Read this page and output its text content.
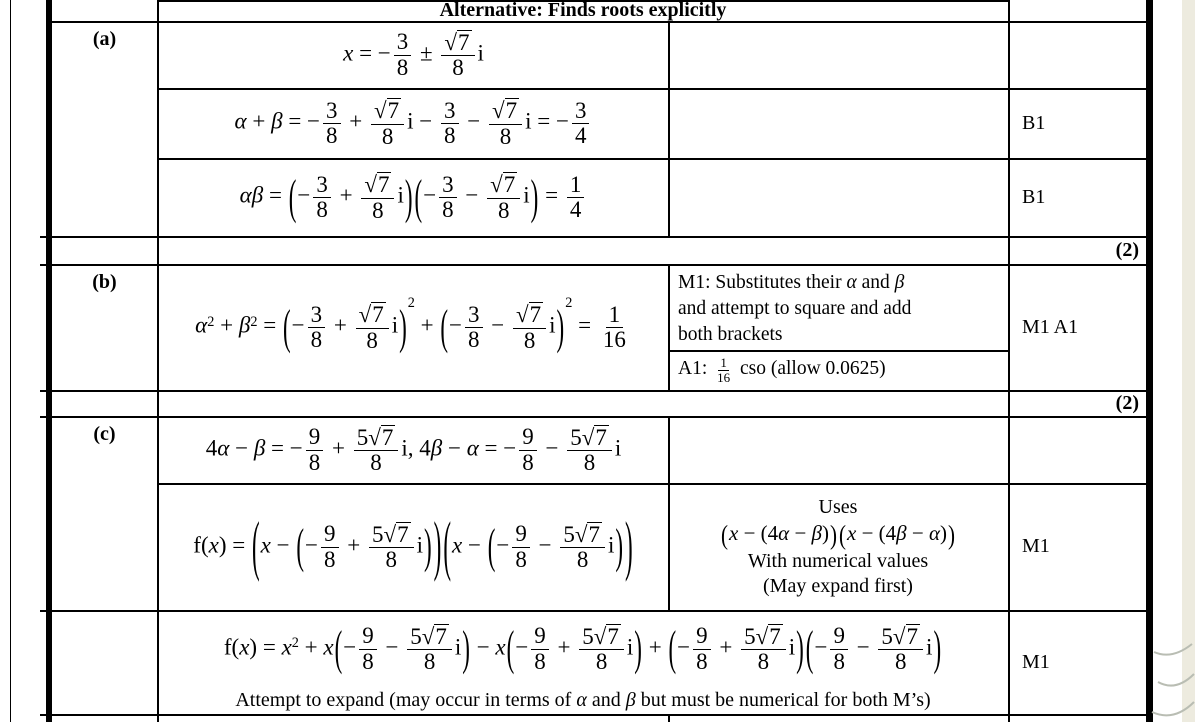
Alternative: Finds roots explicitly
(a)
(b)
(c)
x = − $\frac{3}{8} \pm \frac{√7}{8}$ i
α + β = − $\frac{3}{8} + \frac{√7}{8}$ $i - \frac{3}{8} - \frac{√7}{8}$ i = − $\frac{3}{4}$
αβ = (− $\frac{3}{8} + \frac{√7}{8} i)(- \frac{3}{8} - \frac{√7}{8} i) = \frac{1}{4}$
$\alpha^2 + \beta^2$ = (− $\frac{3}{8} + \frac{√7}{8} i)^2$ + (− $\frac{3}{8} - \frac{√7}{8} i)^2 = \frac{1}{16}$
4α − β = − $\frac{9}{8} + \frac{5√7}{8} i$, 4β − α = − $\frac{9}{8} - \frac{5√7}{8}$ i
f(x) = (x − (− $\frac{9}{8} + \frac{5√7}{8} i))(x$ − (− $\frac{9}{8} - \frac{5√7}{8} i$))
$f(x) = x^2 + x(- \frac{9}{8} - \frac{5√7}{8} i) - x(- \frac{9}{8} + \frac{5√7}{8} i)$ + (− $\frac{9}{8} + \frac{5√7}{8} i)(- \frac{9}{8} - \frac{5√7}{8} i)$
Attempt to expand (may occur in terms of α and β but must be numerical for both M’s)
M1: Substitutes their α and β
and attempt to square and add
both brackets
A1: $\frac{1}{16}$ cso (allow 0.0625)
Uses
(x − (4α − β))(x − (4β − α))
With numerical values
(May expand first)
B1
B1
(2)
M1 A1
(2)
M1
M1
